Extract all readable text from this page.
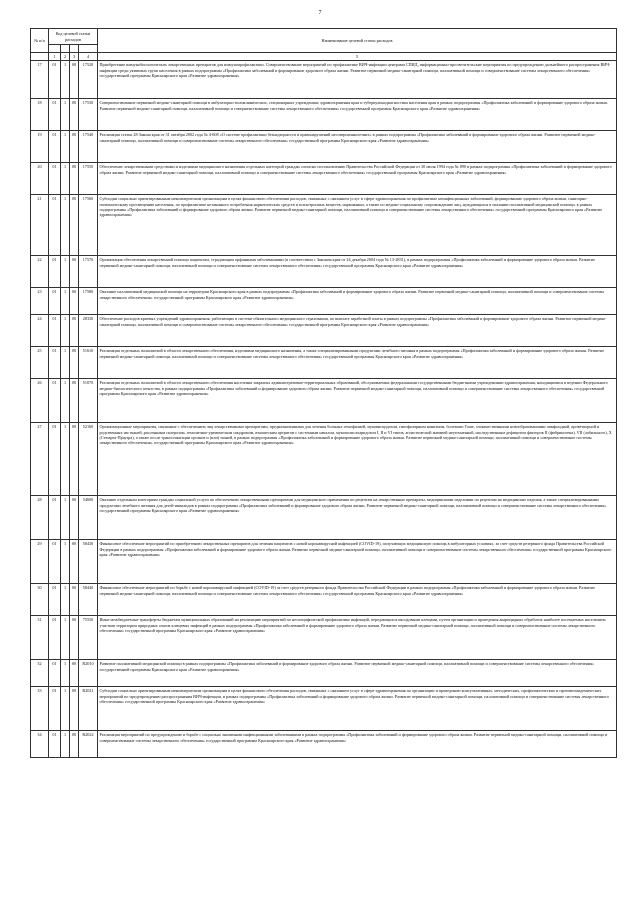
7
№ п/п	Код целевой статьи расходов				Наименование целевой статьи расходов

	1	2	3	4	5
17	01	1	00	17520	Приобретение иммунобиологических лекарственных препаратов для иммунопрофилактики. Совершенствование мероприятий по профилактике ВИЧ-инфекции центрами СПИД, информационно-просветительские мероприятия по предупреждению дальнейшего распространения ВИЧ-инфекции среди уязвимых групп населения в рамках подпрограммы «Профилактика заболеваний и формирование здорового образа жизни. Развитие первичной медико-санитарной помощи, паллиативной помощи и совершенствование системы лекарственного обеспечения» государственной программы Красноярского края «Развитие здравоохранения»
18	01	1	00	17530	Совершенствование первичной медико-санитарной помощи в амбулаторно-поликлинических, стационарных учреждениях здравоохранения края и туберкулинодиагностика населения края в рамках подпрограммы «Профилактика заболеваний и формирование здорового образа жизни. Развитие первичной медико-санитарной помощи, паллиативной помощи и совершенствование системы лекарственного обеспечения» государственной программы Красноярского края «Развитие здравоохранения»
19	01	1	00	17540	Реализация статьи 28 Закона края от 31 октября 2002 года № 4-608 «О системе профилактики безнадзорности и правонарушений несовершеннолетних» в рамках подпрограммы «Профилактика заболеваний и формирование здорового образа жизни. Развитие первичной медико-санитарной помощи, паллиативной помощи и совершенствование системы лекарственного обеспечения» государственной программы Красноярского края «Развитие здравоохранения»
20	01	1	00	17550	Обеспечение лекарственными средствами и изделиями медицинского назначения отдельных категорий граждан согласно постановлению Правительства Российской Федерации от 30 июля 1994 года № 890 в рамках подпрограммы «Профилактика заболеваний и формирование здорового образа жизни. Развитие первичной медико-санитарной помощи, паллиативной помощи и совершенствование системы лекарственного обеспечения» государственной программы Красноярского края «Развитие здравоохранения»
21	01	1	00	17560	Субсидии социально ориентированным некоммерческим организациям в целях финансового обеспечения расходов, связанных с оказанием услуг в сфере здравоохранения по профилактике неинфекционных заболеваний, формированию здорового образа жизни, санитарно-гигиеническому просвещению населения, по профилактике незаконного потребления наркотических средств и психотропных веществ, наркомании, а также по медико-социальному сопровождению лиц, нуждающихся в оказании паллиативной медицинской помощи, в рамках подпрограммы «Профилактика заболеваний и формирование здорового образа жизни. Развитие первичной медико-санитарной помощи, паллиативной помощи и совершенствование системы лекарственного обеспечения» государственной программы Красноярского края «Развитие здравоохранения»
22	01	1	00	17570	Организация обеспечения лекарственной помощи пациентам, страдающим орфанными заболеваниями (в соответствии с Законом края от 24 декабря 2004 года № 13-2831), в рамках подпрограммы «Профилактика заболеваний и формирование здорового образа жизни. Развитие первичной медико-санитарной помощи, паллиативной помощи и совершенствование системы лекарственного обеспечения» государственной программы Красноярского края «Развитие здравоохранения»
23	01	1	00	17580	Оказание паллиативной медицинской помощи на территории Красноярского края в рамках подпрограммы «Профилактика заболеваний и формирование здорового образа жизни. Развитие первичной медико-санитарной помощи, паллиативной помощи и совершенствование системы лекарственного обеспечения» государственной программы Красноярского края «Развитие здравоохранения»
24	01	1	00	28330	Обеспечение расходов краевых учреждений здравоохранения, работающих в системе обязательного медицинского страхования, по выплате заработной платы в рамках подпрограммы «Профилактика заболеваний и формирование здорового образа жизни. Развитие первичной медико-санитарной помощи, паллиативной помощи и совершенствование системы лекарственного обеспечения» государственной программы Красноярского края «Развитие здравоохранения»
25	01	1	00	51610	Реализация отдельных полномочий в области лекарственного обеспечения, изделиями медицинского назначения, а также специализированными продуктами лечебного питания в рамках подпрограммы «Профилактика заболеваний и формирование здорового образа жизни. Развитие первичной медико-санитарной помощи, паллиативной помощи и совершенствование системы лекарственного обеспечения» государственной программы Красноярского края «Развитие здравоохранения»
26	01	1	00	51070	Реализация отдельных полномочий в области лекарственного обеспечения населения закрытых административно-территориальных образований, обслуживаемых федеральными государственными бюджетными учреждениями здравоохранения, находящимися в ведении Федерального медико-биологического агентства, в рамках подпрограммы «Профилактика заболеваний и формирование здорового образа жизни. Развитие первичной медико-санитарной помощи, паллиативной помощи и совершенствование системы лекарственного обеспечения» государственной программы Красноярского края «Развитие здравоохранения»
27	01	1	00	52160	Организационные мероприятия, связанные с обеспечением лиц лекарственными препаратами, предназначенными для лечения больных гемофилией, муковисцидозом, гипофизарным нанизмом, болезнью Гоше, злокачественными новообразованиями лимфоидной, кроветворной и родственных им тканей, рассеянным склерозом, гемолитико-уремическим синдромом, юношеским артритом с системным началом, мукополисахаридозом I, II и VI типов, апластической анемией неуточненной, наследственным дефицитом факторов II (фибриногена), VII (лабильного), X (Стюарта-Прауэра), а также после трансплантации органов и (или) тканей, в рамках подпрограммы «Профилактика заболеваний и формирование здорового образа жизни. Развитие первичной медико-санитарной помощи, паллиативной помощи и совершенствование системы лекарственного обеспечения» государственной программы Красноярского края «Развитие здравоохранения»
28	01	1	00	54600	Оказание отдельным категориям граждан социальной услуги по обеспечению лекарственными препаратами для медицинского применения по рецептам на лекарственные препараты, медицинскими изделиями по рецептам на медицинские изделия, а также специализированными продуктами лечебного питания для детей-инвалидов в рамках подпрограммы «Профилактика заболеваний и формирование здорового образа жизни. Развитие первичной медико-санитарной помощи, паллиативной помощи и совершенствование системы лекарственного обеспечения» государственной программы Красноярского края «Развитие здравоохранения»
29	01	1	00	58430	Финансовое обеспечение мероприятий по приобретению лекарственных препаратов для лечения пациентов с новой коронавирусной инфекцией (COVID-19), получающих медицинскую помощь в амбулаторных условиях, за счет средств резервного фонда Правительства Российской Федерации в рамках подпрограммы «Профилактика заболеваний и формирование здорового образа жизни. Развитие первичной медико-санитарной помощи, паллиативной помощи и совершенствование системы лекарственного обеспечения» государственной программы Красноярского края «Развитие здравоохранения»
30	01	1	00	58440	Финансовое обеспечение мероприятий по борьбе с новой коронавирусной инфекцией (COVID-19) за счет средств резервного фонда Правительства Российской Федерации в рамках подпрограммы «Профилактика заболеваний и формирование здорового образа жизни. Развитие первичной медико-санитарной помощи, паллиативной помощи и совершенствование системы лекарственного обеспечения» государственной программы Красноярского края «Развитие здравоохранения»
31	01	1	00	75550	Иные межбюджетные трансферты бюджетам муниципальных образований на реализацию мероприятий по неспецифической профилактике инфекций, передающихся иксодовыми клещами, путем организации и проведения акарицидных обработок наиболее посещаемых населением участков территории природных очагов клещевых инфекций в рамках подпрограммы «Профилактика заболеваний и формирование здорового образа жизни. Развитие первичной медико-санитарной помощи, паллиативной помощи и совершенствование системы лекарственного обеспечения» государственной программы Красноярского края «Развитие здравоохранения»
32	01	1	00	R2010	Развитие паллиативной медицинской помощи в рамках подпрограммы «Профилактика заболеваний и формирование здорового образа жизни. Развитие первичной медико-санитарной помощи, паллиативной помощи и совершенствование системы лекарственного обеспечения» государственной программы Красноярского края «Развитие здравоохранения»
33	01	1	00	R2021	Субсидии социально ориентированным некоммерческим организациям в целях финансового обеспечения расходов, связанных с оказанием услуг в сфере здравоохранения по организации и проведению консультативных, методических, профилактических и противоэпидемических мероприятий по предупреждению распространения ВИЧ-инфекции, в рамках подпрограммы «Профилактика заболеваний и формирование здорового образа жизни. Развитие первичной медико-санитарной помощи, паллиативной помощи и совершенствование системы лекарственного обеспечения» государственной программы Красноярского края «Развитие здравоохранения»
34	01	1	00	R2022	Реализация мероприятий по предупреждению и борьбе с социально значимыми инфекционными заболеваниями в рамках подпрограммы «Профилактика заболеваний и формирование здорового образа жизни. Развитие первичной медико-санитарной помощи, паллиативной помощи и совершенствование системы лекарственного обеспечения» государственной программы Красноярского края «Развитие здравоохранения»
